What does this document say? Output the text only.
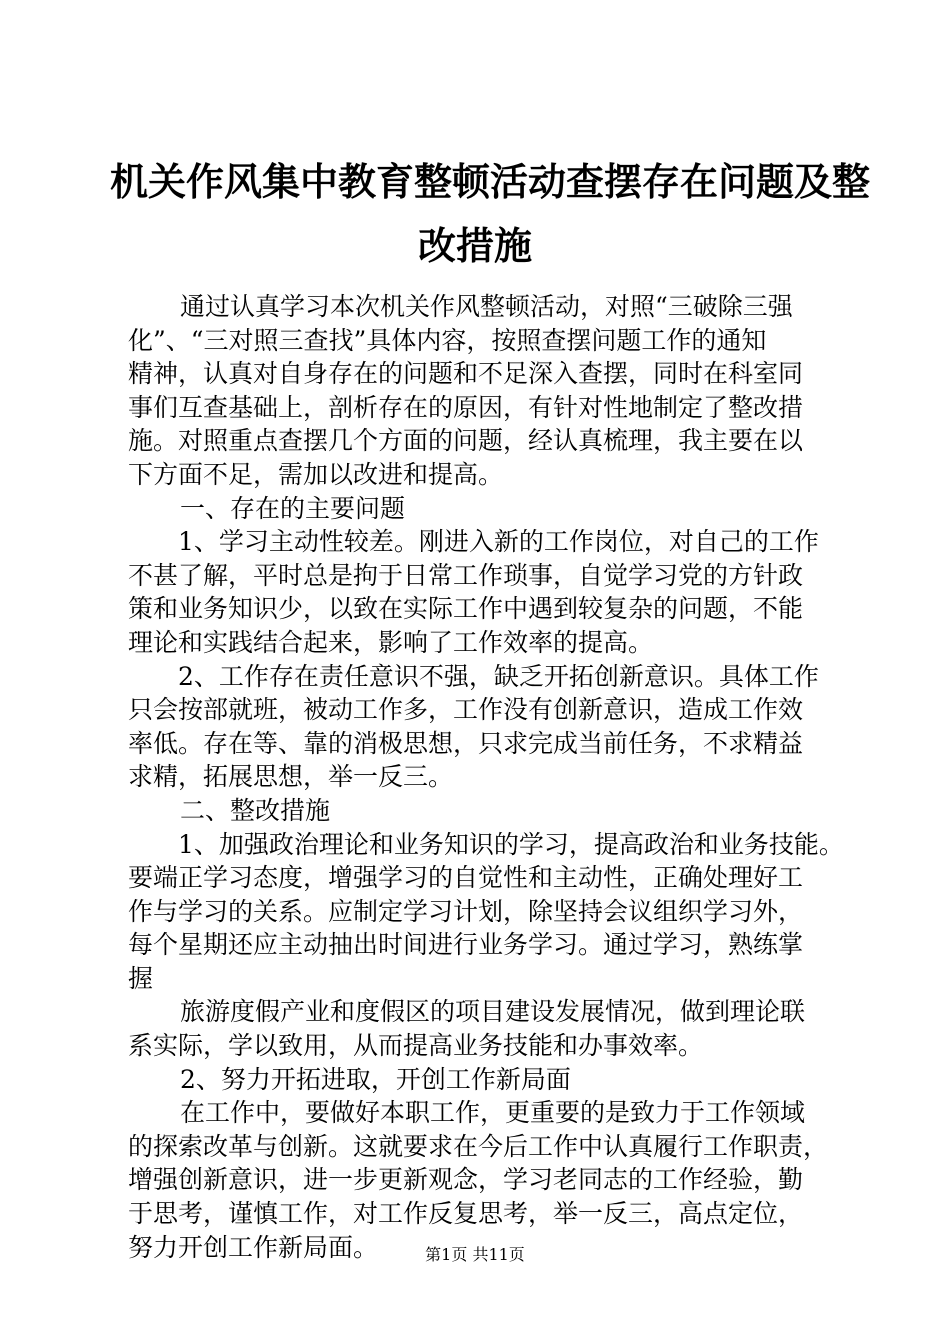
机关作风集中教育整顿活动查摆存在问题及整
改措施
通过认真学习本次机关作风整顿活动，对照“三破除三强
化”、“三对照三查找”具体内容，按照查摆问题工作的通知
精神，认真对自身存在的问题和不足深入查摆，同时在科室同
事们互查基础上，剖析存在的原因，有针对性地制定了整改措
施。对照重点查摆几个方面的问题，经认真梳理，我主要在以
下方面不足，需加以改进和提高。
一、存在的主要问题
1、学习主动性较差。刚进入新的工作岗位，对自己的工作
不甚了解，平时总是拘于日常工作琐事，自觉学习党的方针政
策和业务知识少，以致在实际工作中遇到较复杂的问题，不能
理论和实践结合起来，影响了工作效率的提高。
2、工作存在责任意识不强，缺乏开拓创新意识。具体工作
只会按部就班，被动工作多，工作没有创新意识，造成工作效
率低。存在等、靠的消极思想，只求完成当前任务，不求精益
求精，拓展思想，举一反三。
二、整改措施
1、加强政治理论和业务知识的学习，提高政治和业务技能。
要端正学习态度，增强学习的自觉性和主动性，正确处理好工
作与学习的关系。应制定学习计划，除坚持会议组织学习外，
每个星期还应主动抽出时间进行业务学习。通过学习，熟练掌
握
旅游度假产业和度假区的项目建设发展情况，做到理论联
系实际，学以致用，从而提高业务技能和办事效率。
2、努力开拓进取，开创工作新局面
在工作中，要做好本职工作，更重要的是致力于工作领域
的探索改革与创新。这就要求在今后工作中认真履行工作职责，
增强创新意识，进一步更新观念，学习老同志的工作经验，勤
于思考，谨慎工作，对工作反复思考，举一反三，高点定位，
努力开创工作新局面。	第1页 共11页
